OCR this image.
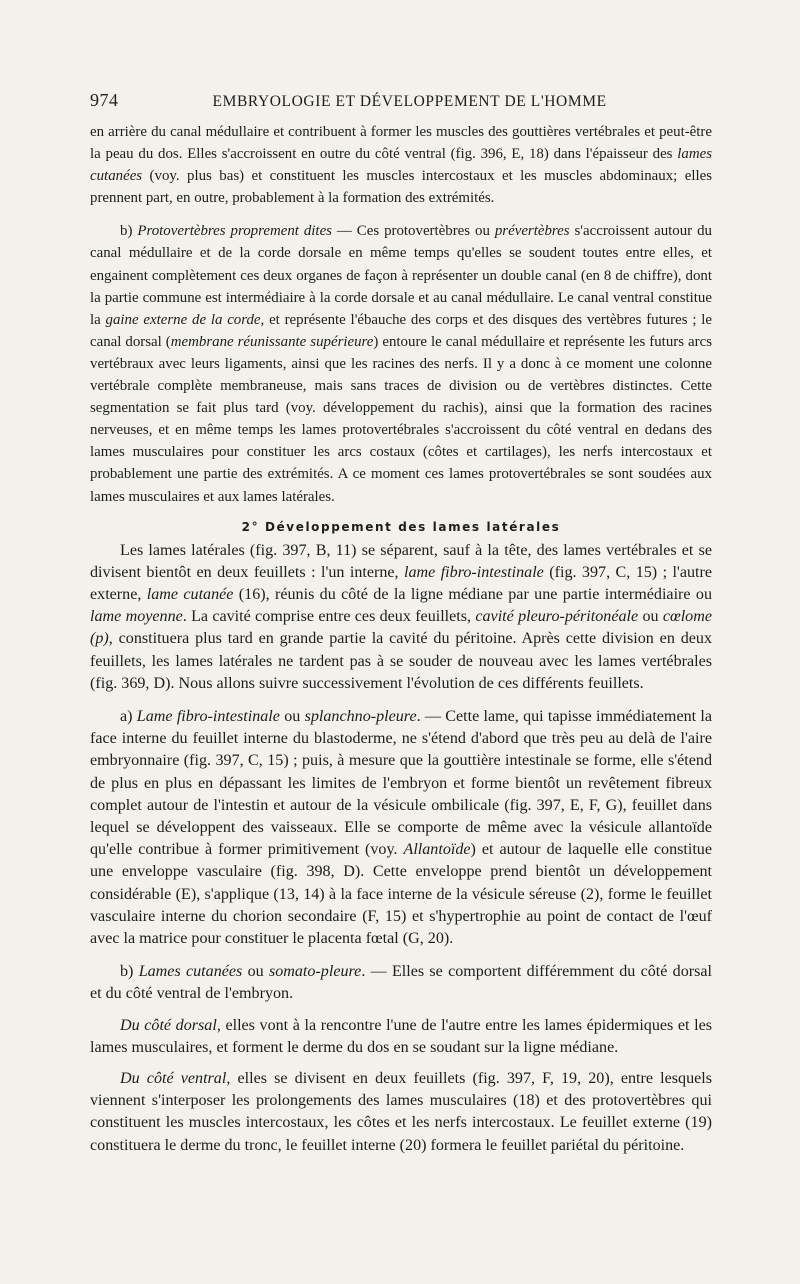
974	EMBRYOLOGIE ET DÉVELOPPEMENT DE L'HOMME

en arrière du canal médullaire et contribuent à former les muscles des gouttières vertébrales et peut-être la peau du dos. Elles s'accroissent en outre du côté ventral (fig. 396, E, 18) dans l'épaisseur des lames cutanées (voy. plus bas) et constituent les muscles intercostaux et les muscles abdominaux; elles prennent part, en outre, probablement à la formation des extrémités.

b) Protovertèbres proprement dites — Ces protovertèbres ou prévertèbres s'accroissent autour du canal médullaire et de la corde dorsale en même temps qu'elles se soudent toutes entre elles, et engainent complètement ces deux organes de façon à représenter un double canal (en 8 de chiffre), dont la partie commune est intermédiaire à la corde dorsale et au canal médullaire. Le canal ventral constitue la gaine externe de la corde, et représente l'ébauche des corps et des disques des vertèbres futures ; le canal dorsal (membrane réunissante supérieure) entoure le canal médullaire et représente les futurs arcs vertébraux avec leurs ligaments, ainsi que les racines des nerfs. Il y a donc à ce moment une colonne vertébrale complète membraneuse, mais sans traces de division ou de vertèbres distinctes. Cette segmentation se fait plus tard (voy. développement du rachis), ainsi que la formation des racines nerveuses, et en même temps les lames protovertébrales s'accroissent du côté ventral en dedans des lames musculaires pour constituer les arcs costaux (côtes et cartilages), les nerfs intercostaux et probablement une partie des extrémités. A ce moment ces lames protovertébrales se sont soudées aux lames musculaires et aux lames latérales.

2° Développement des lames latérales

Les lames latérales (fig. 397, B, 11) se séparent, sauf à la tête, des lames vertébrales et se divisent bientôt en deux feuillets : l'un interne, lame fibro-intestinale (fig. 397, C, 15) ; l'autre externe, lame cutanée (16), réunis du côté de la ligne médiane par une partie intermédiaire ou lame moyenne. La cavité comprise entre ces deux feuillets, cavité pleuro-péritonéale ou cœlome (p), constituera plus tard en grande partie la cavité du péritoine. Après cette division en deux feuillets, les lames latérales ne tardent pas à se souder de nouveau avec les lames vertébrales (fig. 369, D). Nous allons suivre successivement l'évolution de ces différents feuillets.

a) Lame fibro-intestinale ou splanchno-pleure. — Cette lame, qui tapisse immédiatement la face interne du feuillet interne du blastoderme, ne s'étend d'abord que très peu au delà de l'aire embryonnaire (fig. 397, C, 15) ; puis, à mesure que la gouttière intestinale se forme, elle s'étend de plus en plus en dépassant les limites de l'embryon et forme bientôt un revêtement fibreux complet autour de l'intestin et autour de la vésicule ombilicale (fig. 397, E, F, G), feuillet dans lequel se développent des vaisseaux. Elle se comporte de même avec la vésicule allantoïde qu'elle contribue à former primitivement (voy. Allantoïde) et autour de laquelle elle constitue une enveloppe vasculaire (fig. 398, D). Cette enveloppe prend bientôt un développement considérable (E), s'applique (13, 14) à la face interne de la vésicule séreuse (2), forme le feuillet vasculaire interne du chorion secondaire (F, 15) et s'hypertrophie au point de contact de l'œuf avec la matrice pour constituer le placenta fœtal (G, 20).

b) Lames cutanées ou somato-pleure. — Elles se comportent différemment du côté dorsal et du côté ventral de l'embryon.

Du côté dorsal, elles vont à la rencontre l'une de l'autre entre les lames épidermiques et les lames musculaires, et forment le derme du dos en se soudant sur la ligne médiane.

Du côté ventral, elles se divisent en deux feuillets (fig. 397, F, 19, 20), entre lesquels viennent s'interposer les prolongements des lames musculaires (18) et des protovertèbres qui constituent les muscles intercostaux, les côtes et les nerfs intercostaux. Le feuillet externe (19) constituera le derme du tronc, le feuillet interne (20) formera le feuillet pariétal du péritoine.
